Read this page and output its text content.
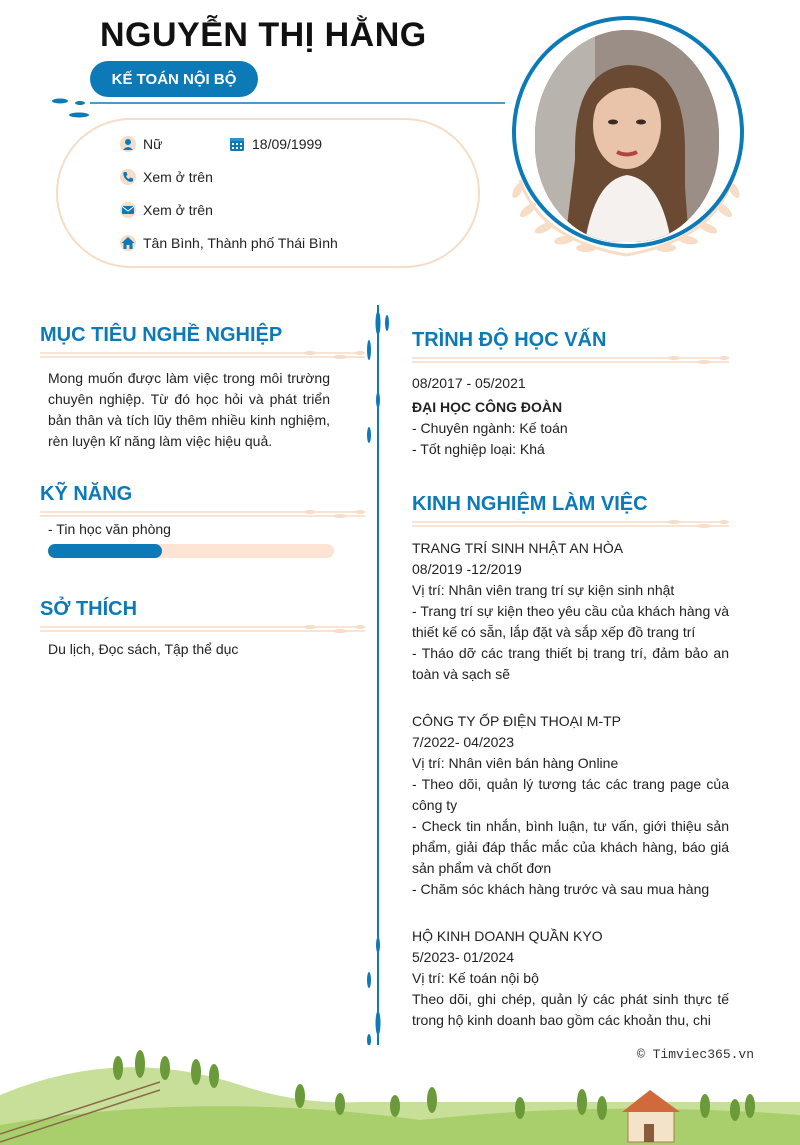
NGUYỄN THỊ HẰNG
KẾ TOÁN NỘI BỘ
Nữ	18/09/1999
Xem ở trên
Xem ở trên
Tân Bình, Thành phố Thái Bình
MỤC TIÊU NGHỀ NGHIỆP
Mong muốn được làm việc trong môi trường chuyên nghiệp. Từ đó học hỏi và phát triển bản thân và tích lũy thêm nhiều kinh nghiệm, rèn luyện kĩ năng làm việc hiệu quả.
KỸ NĂNG
- Tin học văn phòng
SỞ THÍCH
Du lịch, Đọc sách, Tập thể dục
TRÌNH ĐỘ HỌC VẤN
08/2017 - 05/2021
ĐẠI HỌC CÔNG ĐOÀN
- Chuyên ngành: Kế toán
- Tốt nghiệp loại: Khá
KINH NGHIỆM LÀM VIỆC
TRANG TRÍ SINH NHẬT AN HÒA
08/2019 -12/2019
Vị trí: Nhân viên trang trí sự kiện sinh nhật
- Trang trí sự kiện theo yêu cầu của khách hàng và thiết kế có sẵn, lắp đặt và sắp xếp đồ trang trí
- Tháo dỡ các trang thiết bị trang trí, đảm bảo an toàn và sạch sẽ
CÔNG TY ỐP ĐIỆN THOẠI M-TP
7/2022- 04/2023
Vị trí: Nhân viên bán hàng Online
- Theo dõi, quản lý tương tác các trang page của công ty
- Check tin nhắn, bình luận, tư vấn, giới thiệu sản phẩm, giải đáp thắc mắc của khách hàng, báo giá sản phẩm và chốt đơn
- Chăm sóc khách hàng trước và sau mua hàng
HỘ KINH DOANH QUẦN KYO
5/2023- 01/2024
Vị trí: Kế toán nội bộ
Theo dõi, ghi chép, quản lý các phát sinh thực tế trong hộ kinh doanh bao gồm các khoản thu, chi
© Timviec365.vn
